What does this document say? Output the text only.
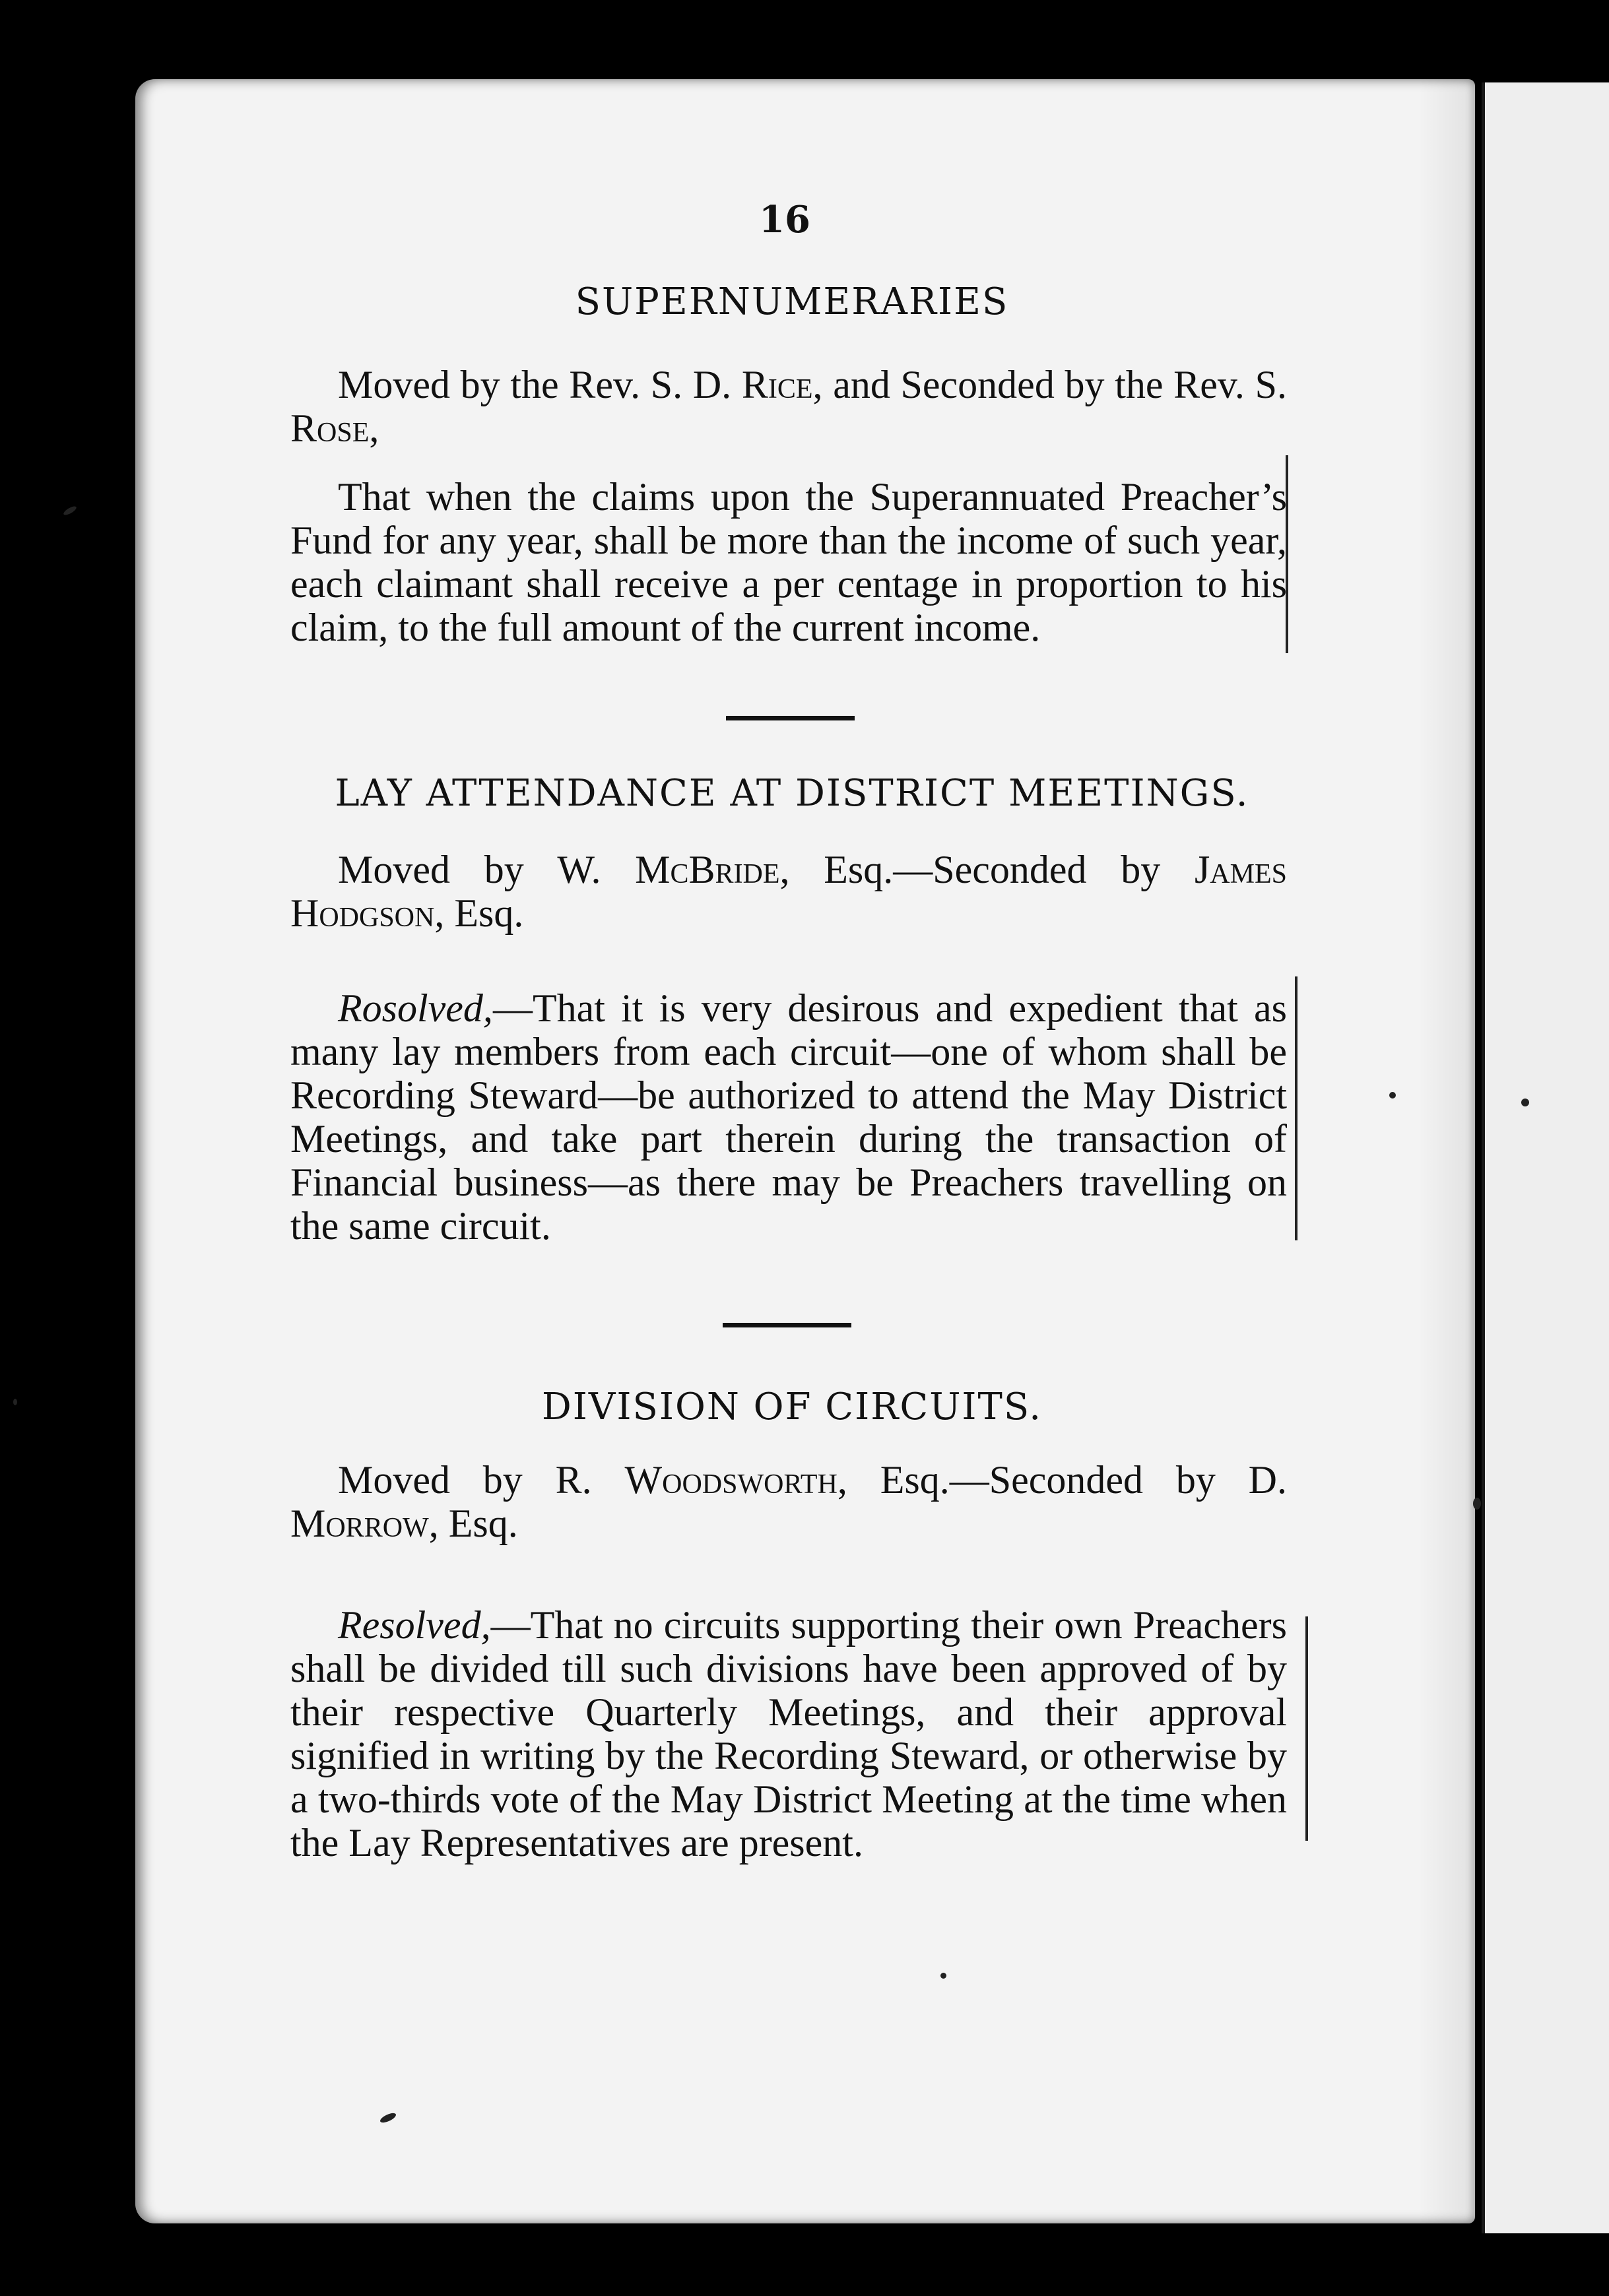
16
SUPERNUMERARIES
Moved by the Rev. S. D. Rice, and Seconded by the Rev. S. Rose,
That when the claims upon the Superannuated Preacher’s Fund for any year, shall be more than the income of such year, each claimant shall receive a per centage in proportion to his claim, to the full amount of the current income.
LAY ATTENDANCE AT DISTRICT MEETINGS.
Moved by W. McBride, Esq.—Seconded by James Hodgson, Esq.
Rosolved,—That it is very desirous and expedient that as many lay members from each circuit—one of whom shall be Recording Steward—be authorized to attend the May District Meetings, and take part therein during the transaction of Financial business—as there may be Preachers travelling on the same circuit.
DIVISION OF CIRCUITS.
Moved by R. Woodsworth, Esq.—Seconded by D. Morrow, Esq.
Resolved,—That no circuits supporting their own Preachers shall be divided till such divisions have been approved of by their respective Quarterly Meetings, and their approval signified in writing by the Recording Steward, or otherwise by a two-thirds vote of the May District Meeting at the time when the Lay Representatives are present.
